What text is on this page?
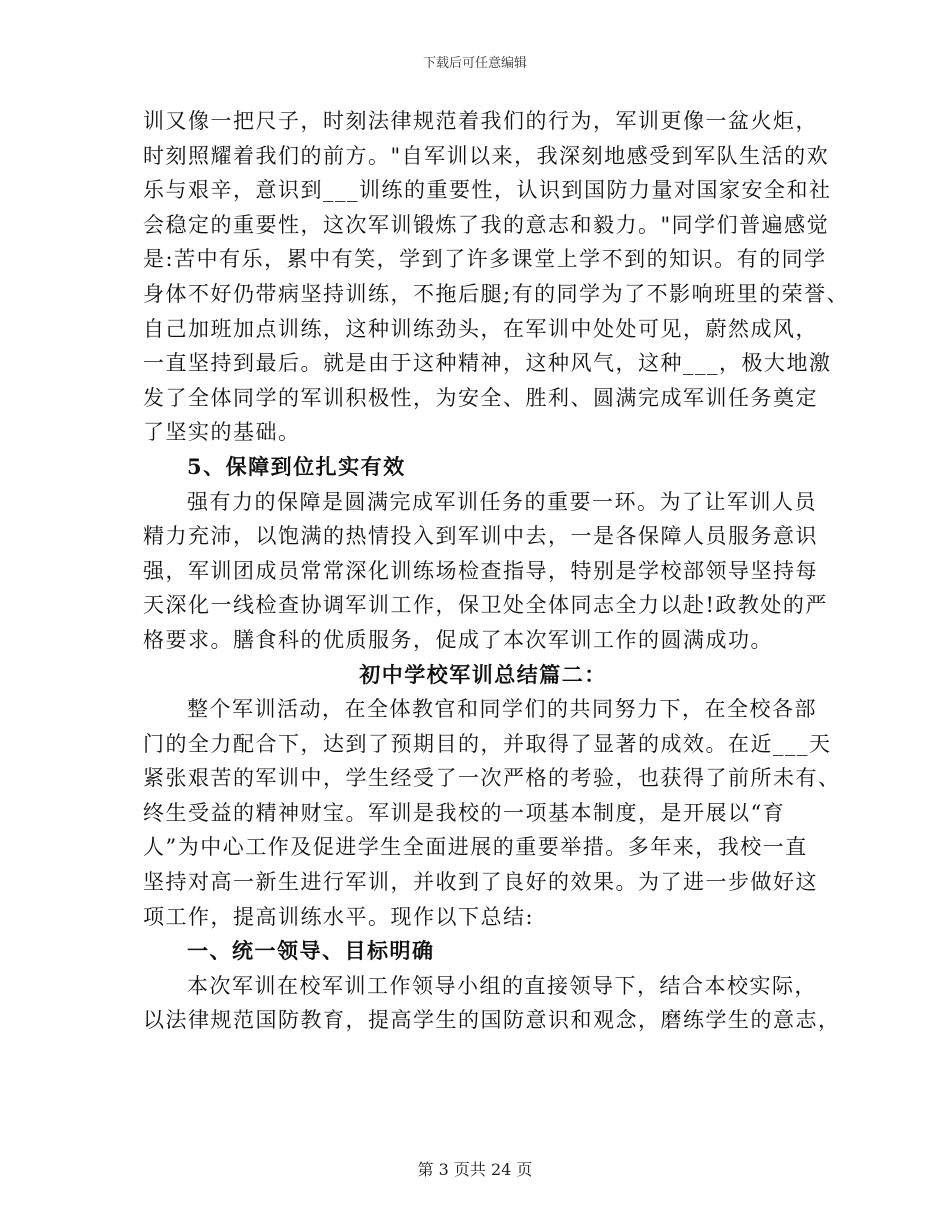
下载后可任意编辑
训又像一把尺子，时刻法律规范着我们的行为，军训更像一盆火炬，
时刻照耀着我们的前方。"自军训以来，我深刻地感受到军队生活的欢
乐与艰辛，意识到___训练的重要性，认识到国防力量对国家安全和社
会稳定的重要性，这次军训锻炼了我的意志和毅力。"同学们普遍感觉
是:苦中有乐，累中有笑，学到了许多课堂上学不到的知识。有的同学
身体不好仍带病坚持训练，不拖后腿;有的同学为了不影响班里的荣誉、
自己加班加点训练，这种训练劲头，在军训中处处可见，蔚然成风，
一直坚持到最后。就是由于这种精神，这种风气，这种___，极大地激
发了全体同学的军训积极性，为安全、胜利、圆满完成军训任务奠定
了坚实的基础。
5、保障到位扎实有效
强有力的保障是圆满完成军训任务的重要一环。为了让军训人员
精力充沛，以饱满的热情投入到军训中去，一是各保障人员服务意识
强，军训团成员常常深化训练场检查指导，特别是学校部领导坚持每
天深化一线检查协调军训工作，保卫处全体同志全力以赴!政教处的严
格要求。膳食科的优质服务，促成了本次军训工作的圆满成功。
初中学校军训总结篇二：
整个军训活动，在全体教官和同学们的共同努力下，在全校各部
门的全力配合下，达到了预期目的，并取得了显著的成效。在近___天
紧张艰苦的军训中，学生经受了一次严格的考验，也获得了前所未有、
终生受益的精神财宝。军训是我校的一项基本制度，是开展以“育
人”为中心工作及促进学生全面进展的重要举措。多年来，我校一直
坚持对高一新生进行军训，并收到了良好的效果。为了进一步做好这
项工作，提高训练水平。现作以下总结:
一、统一领导、目标明确
本次军训在校军训工作领导小组的直接领导下，结合本校实际，
以法律规范国防教育，提高学生的国防意识和观念，磨练学生的意志，
第 3 页共 24 页
